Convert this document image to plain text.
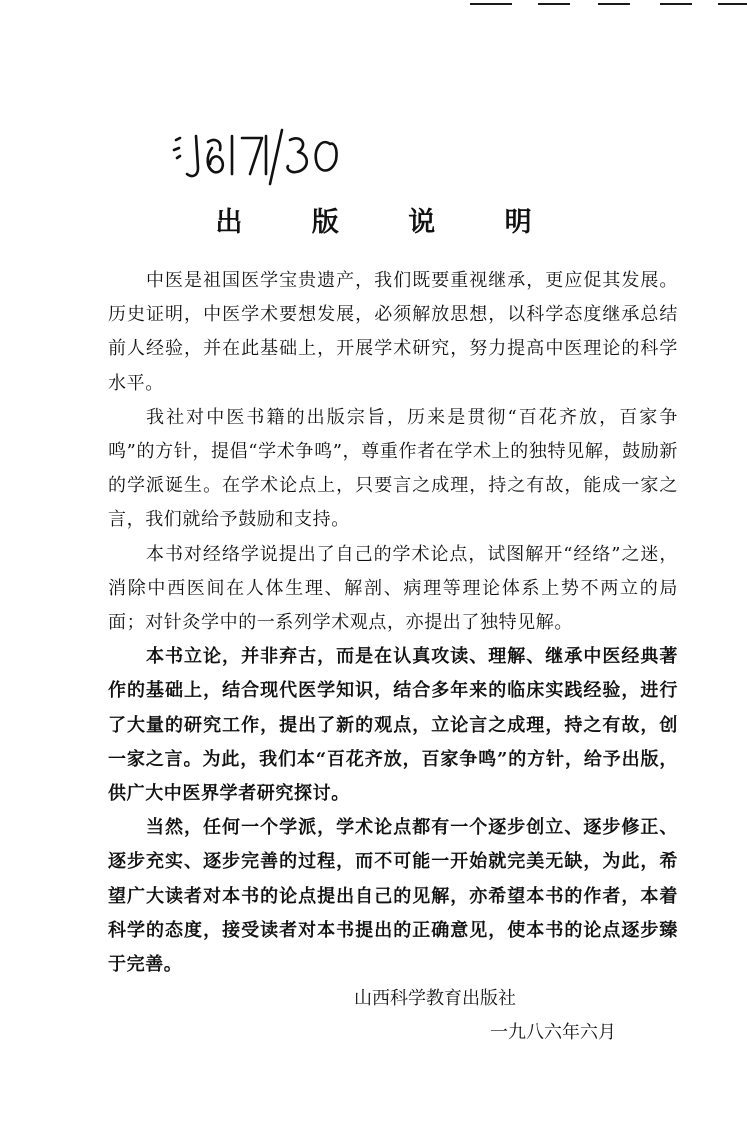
出 版 说 明

中医是祖国医学宝贵遗产，我们既要重视继承，更应促其发展。历史证明，中医学术要想发展，必须解放思想，以科学态度继承总结前人经验，并在此基础上，开展学术研究，努力提高中医理论的科学水平。

我社对中医书籍的出版宗旨，历来是贯彻“百花齐放，百家争鸣”的方针，提倡“学术争鸣”，尊重作者在学术上的独特见解，鼓励新的学派诞生。在学术论点上，只要言之成理，持之有故，能成一家之言，我们就给予鼓励和支持。

本书对经络学说提出了自己的学术论点，试图解开“经络”之迷，消除中西医间在人体生理、解剖、病理等理论体系上势不两立的局面；对针灸学中的一系列学术观点，亦提出了独特见解。

本书立论，并非弃古，而是在认真攻读、理解、继承中医经典著作的基础上，结合现代医学知识，结合多年来的临床实践经验，进行了大量的研究工作，提出了新的观点，立论言之成理，持之有故，创一家之言。为此，我们本“百花齐放，百家争鸣”的方针，给予出版，供广大中医界学者研究探讨。

当然，任何一个学派，学术论点都有一个逐步创立、逐步修正、逐步充实、逐步完善的过程，而不可能一开始就完美无缺，为此，希望广大读者对本书的论点提出自己的见解，亦希望本书的作者，本着科学的态度，接受读者对本书提出的正确意见，使本书的论点逐步臻于完善。

山西科学教育出版社

一九八六年六月
